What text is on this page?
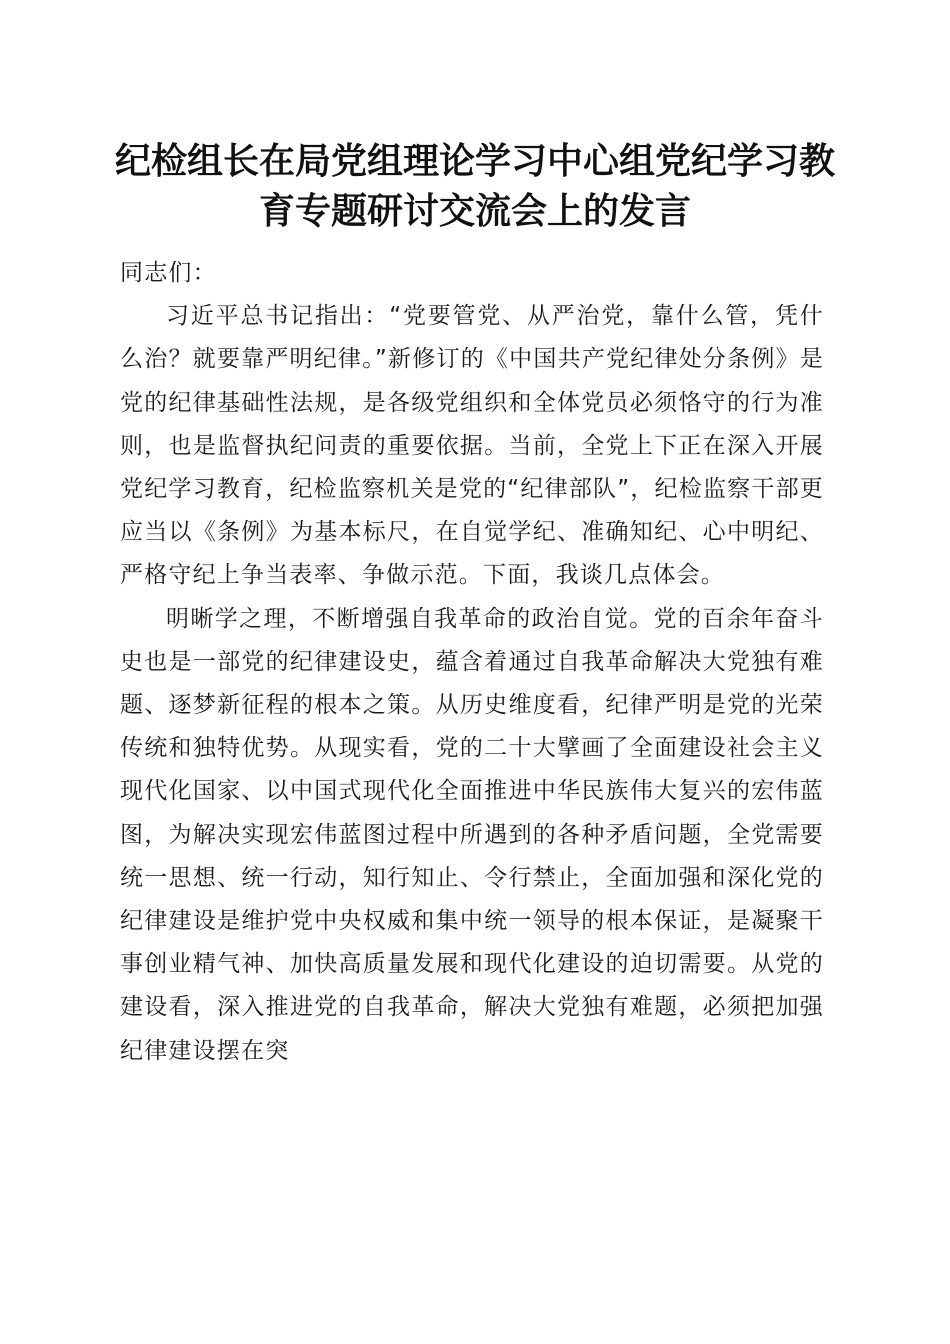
纪检组长在局党组理论学习中心组党纪学习教育专题研讨交流会上的发言

同志们：

习近平总书记指出：“党要管党、从严治党，靠什么管，凭什么治？就要靠严明纪律。”新修订的《中国共产党纪律处分条例》是党的纪律基础性法规，是各级党组织和全体党员必须恪守的行为准则，也是监督执纪问责的重要依据。当前，全党上下正在深入开展党纪学习教育，纪检监察机关是党的“纪律部队”，纪检监察干部更应当以《条例》为基本标尺，在自觉学纪、准确知纪、心中明纪、严格守纪上争当表率、争做示范。下面，我谈几点体会。

明晰学之理，不断增强自我革命的政治自觉。党的百余年奋斗史也是一部党的纪律建设史，蕴含着通过自我革命解决大党独有难题、逐梦新征程的根本之策。从历史维度看，纪律严明是党的光荣传统和独特优势。从现实看，党的二十大擘画了全面建设社会主义现代化国家、以中国式现代化全面推进中华民族伟大复兴的宏伟蓝图，为解决实现宏伟蓝图过程中所遇到的各种矛盾问题，全党需要统一思想、统一行动，知行知止、令行禁止，全面加强和深化党的纪律建设是维护党中央权威和集中统一领导的根本保证，是凝聚干事创业精气神、加快高质量发展和现代化建设的迫切需要。从党的建设看，深入推进党的自我革命，解决大党独有难题，必须把加强纪律建设摆在突
